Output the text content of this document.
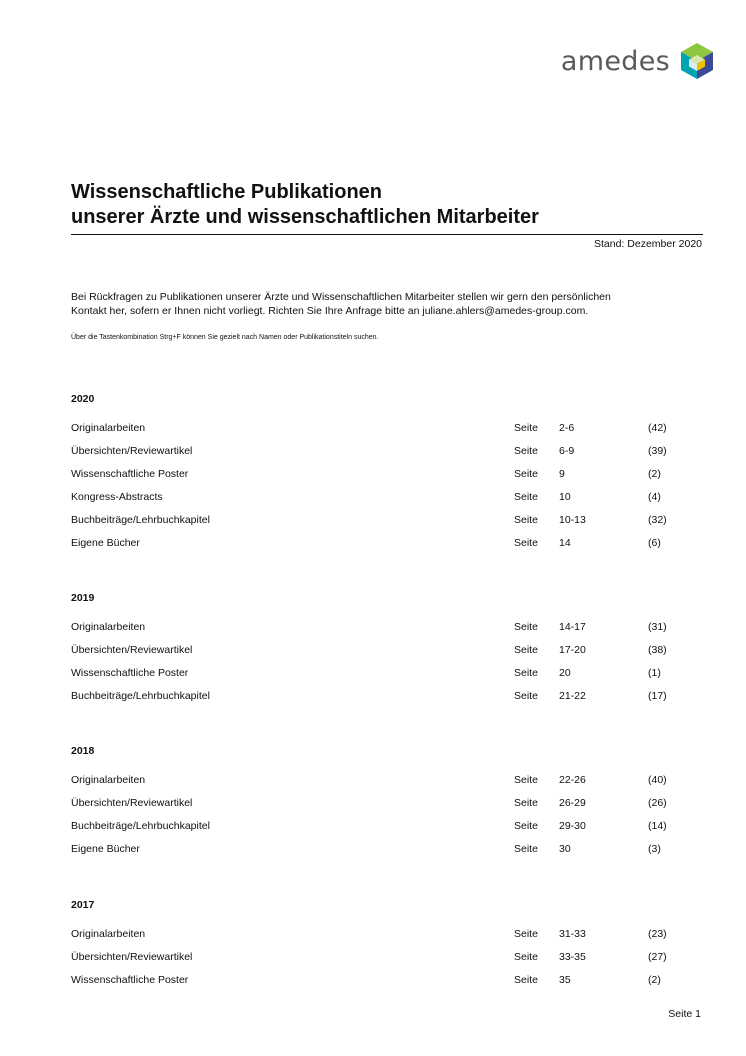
amedes
Wissenschaftliche Publikationen
unserer Ärzte und wissenschaftlichen Mitarbeiter
Stand: Dezember 2020
Bei Rückfragen zu Publikationen unserer Ärzte und Wissenschaftlichen Mitarbeiter stellen wir gern den persönlichen
Kontakt her, sofern er Ihnen nicht vorliegt. Richten Sie Ihre Anfrage bitte an juliane.ahlers@amedes-group.com.
Über die Tastenkombination Strg+F können Sie gezielt nach Namen oder Publikationstiteln suchen.
2020
Originalarbeiten	Seite 2-6	(42)
Übersichten/Reviewartikel	Seite 6-9	(39)
Wissenschaftliche Poster	Seite 9	(2)
Kongress-Abstracts	Seite 10	(4)
Buchbeiträge/Lehrbuchkapitel	Seite 10-13	(32)
Eigene Bücher	Seite 14	(6)
2019
Originalarbeiten	Seite 14-17	(31)
Übersichten/Reviewartikel	Seite 17-20	(38)
Wissenschaftliche Poster	Seite 20	(1)
Buchbeiträge/Lehrbuchkapitel	Seite 21-22	(17)
2018
Originalarbeiten	Seite 22-26	(40)
Übersichten/Reviewartikel	Seite 26-29	(26)
Buchbeiträge/Lehrbuchkapitel	Seite 29-30	(14)
Eigene Bücher	Seite 30	(3)
2017
Originalarbeiten	Seite 31-33	(23)
Übersichten/Reviewartikel	Seite 33-35	(27)
Wissenschaftliche Poster	Seite 35	(2)
Seite 1
